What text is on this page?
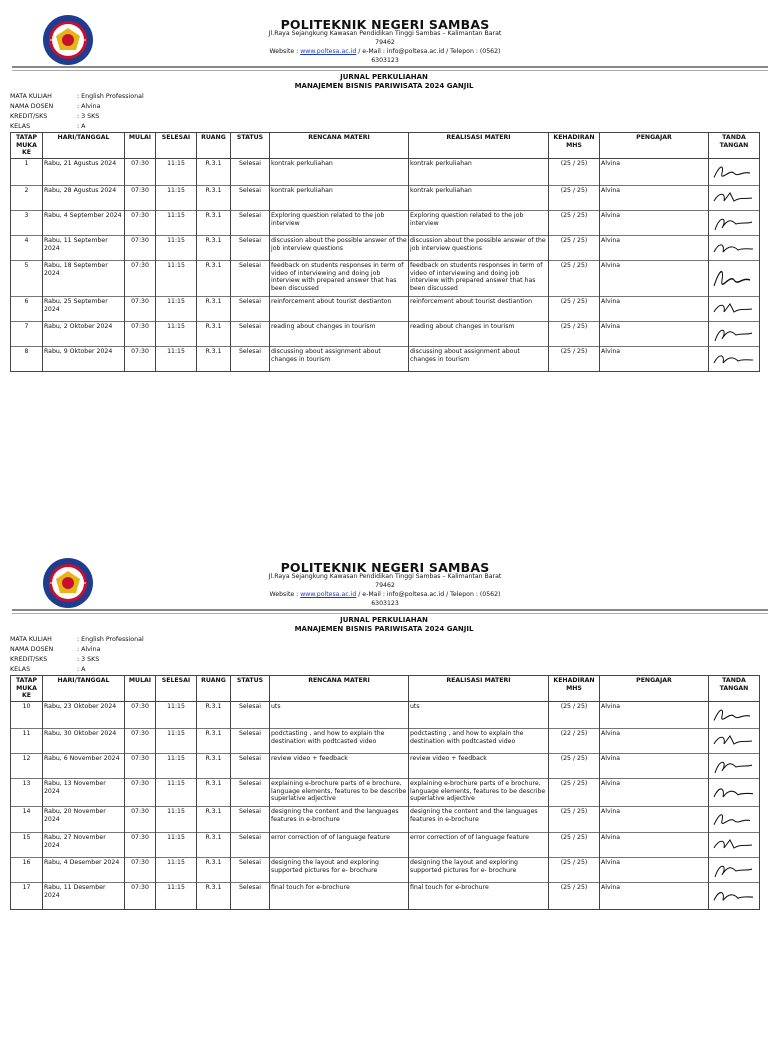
POLITEKNIK NEGERI SAMBAS
Jl.Raya Sejangkung Kawasan Pendidikan Tinggi Sambas – Kalimantan Barat 79462
Website : www.poltesa.ac.id / e-Mail : info@poltesa.ac.id / Telepon : (0562) 6303123
JURNAL PERKULIAHAN
MANAJEMEN BISNIS PARIWISATA 2024 GANJIL
MATA KULIAH	: English Professional
NAMA DOSEN	: Alvina
KREDIT/SKS	: 3 SKS
KELAS	: A
TATAP MUKA KE	HARI/TANGGAL	MULAI	SELESAI	RUANG	STATUS	RENCANA MATERI	REALISASI MATERI	KEHADIRAN MHS	PENGAJAR	TANDA TANGAN
1	Rabu, 21 Agustus 2024	07:30	11:15	R.3.1	Selesai	kontrak perkuliahan	kontrak perkuliahan	(25 / 25)	Alvina	

2	Rabu, 28 Agustus 2024	07:30	11:15	R.3.1	Selesai	kontrak perkuliahan	kontrak perkuliahan	(25 / 25)	Alvina	

3	Rabu, 4 September 2024	07:30	11:15	R.3.1	Selesai	Exploring question related to the job interview	Exploring question related to the job interview	(25 / 25)	Alvina	

4	Rabu, 11 September 2024	07:30	11:15	R.3.1	Selesai	discussion about the possible answer of the job interview questions	discussion about the possible answer of the job interview questions	(25 / 25)	Alvina	

5	Rabu, 18 September 2024	07:30	11:15	R.3.1	Selesai	feedback on students responses in term of video of interviewing and doing job interview with prepared answer that has been discussed	feedback on students responses in term of video of interviewing and doing job interview with prepared answer that has been discussed	(25 / 25)	Alvina	

6	Rabu, 25 September 2024	07:30	11:15	R.3.1	Selesai	reinforcement about tourist destianton	reinforcement about tourist destiantion	(25 / 25)	Alvina	

7	Rabu, 2 Oktober 2024	07:30	11:15	R.3.1	Selesai	reading about changes in tourism	reading about changes in tourism	(25 / 25)	Alvina	

8	Rabu, 9 Oktober 2024	07:30	11:15	R.3.1	Selesai	discussing about assignment about changes in tourism	discussing about assignment about changes in tourism	(25 / 25)	Alvina	
POLITEKNIK NEGERI SAMBAS
Jl.Raya Sejangkung Kawasan Pendidikan Tinggi Sambas – Kalimantan Barat 79462
Website : www.poltesa.ac.id / e-Mail : info@poltesa.ac.id / Telepon : (0562) 6303123
JURNAL PERKULIAHAN
MANAJEMEN BISNIS PARIWISATA 2024 GANJIL
MATA KULIAH	: English Professional
NAMA DOSEN	: Alvina
KREDIT/SKS	: 3 SKS
KELAS	: A
TATAP MUKA KE	HARI/TANGGAL	MULAI	SELESAI	RUANG	STATUS	RENCANA MATERI	REALISASI MATERI	KEHADIRAN MHS	PENGAJAR	TANDA TANGAN
10	Rabu, 23 Oktober 2024	07:30	11:15	R.3.1	Selesai	uts	uts	(25 / 25)	Alvina	

11	Rabu, 30 Oktober 2024	07:30	11:15	R.3.1	Selesai	podctasting , and how to explain the destination with podtcasted video	podctasting , and how to explain the destination with podtcasted video	(22 / 25)	Alvina	

12	Rabu, 6 November 2024	07:30	11:15	R.3.1	Selesai	review video + feedback	review video + feedback	(25 / 25)	Alvina	

13	Rabu, 13 November 2024	07:30	11:15	R.3.1	Selesai	explaining e-brochure parts of e brochure, language elements, features to be describe superlative adjective	explaining e-brochure parts of e brochure, language elements, features to be describe superlative adjective	(25 / 25)	Alvina	

14	Rabu, 20 November 2024	07:30	11:15	R.3.1	Selesai	designing the content and the languages features in e-brochure	designing the content and the languages features in e-brochure	(25 / 25)	Alvina	

15	Rabu, 27 November 2024	07:30	11:15	R.3.1	Selesai	error correction of of language feature	error correction of of language feature	(25 / 25)	Alvina	

16	Rabu, 4 Desember 2024	07:30	11:15	R.3.1	Selesai	designing the layout and exploring supported pictures for e- brochure	designing the layout and exploring supported pictures for e- brochure	(25 / 25)	Alvina	

17	Rabu, 11 Desember 2024	07:30	11:15	R.3.1	Selesai	final touch for e-brochure	final touch for e-brochure	(25 / 25)	Alvina	
